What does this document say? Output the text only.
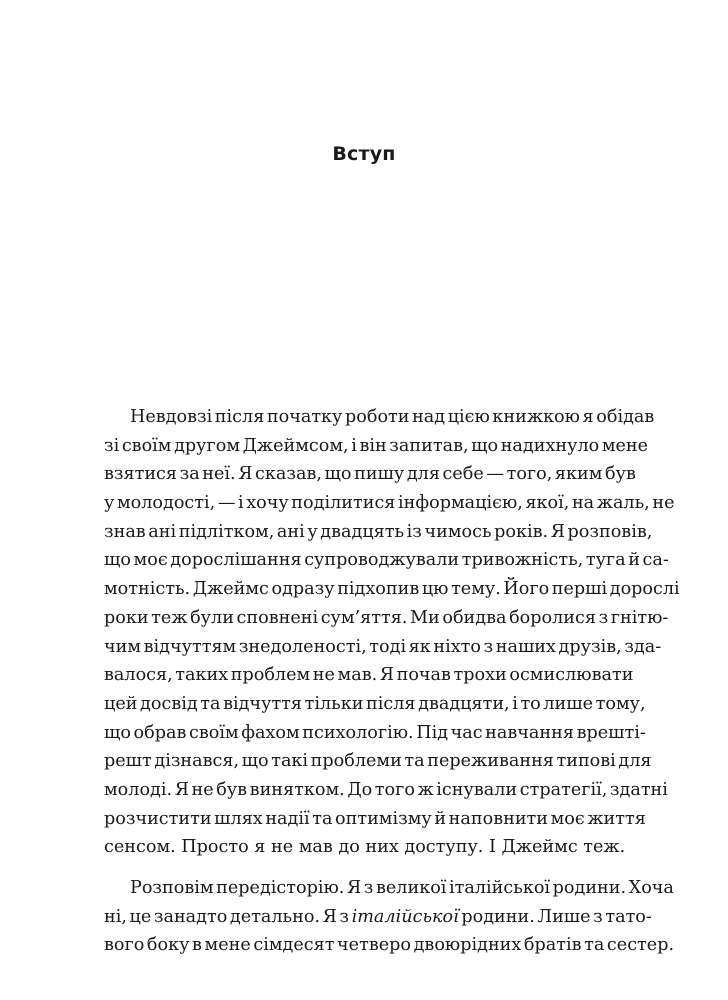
Вступ
Невдовзі після початку роботи над цією книжкою я обідав
зі своїм другом Джеймсом, і він запитав, що надихнуло мене
взятися за неї. Я сказав, що пишу для себе — того, яким був
у молодості, — і хочу поділитися інформацією, якої, на жаль, не
знав ані підлітком, ані у двадцять із чимось років. Я розповів,
що моє дорослішання супроводжували тривожність, туга й са-
мотність. Джеймс одразу підхопив цю тему. Його перші дорослі
роки теж були сповнені сум’яття. Ми обидва боролися з гнітю-
чим відчуттям знедоленості, тоді як ніхто з наших друзів, зда-
валося, таких проблем не мав. Я почав трохи осмислювати
цей досвід та відчуття тільки після двадцяти, і то лише тому,
що обрав своїм фахом психологію. Під час навчання врешті-
решт дізнався, що такі проблеми та переживання типові для
молоді. Я не був винятком. До того ж існували стратегії, здатні
розчистити шлях надії та оптимізму й наповнити моє життя
сенсом. Просто я не мав до них доступу. І Джеймс теж.
Розповім передісторію. Я з великої італійської родини. Хоча
ні, це занадто детально. Я з італійської родини. Лише з тато-
вого боку в мене сімдесят четверо двоюрідних братів та сестер.
